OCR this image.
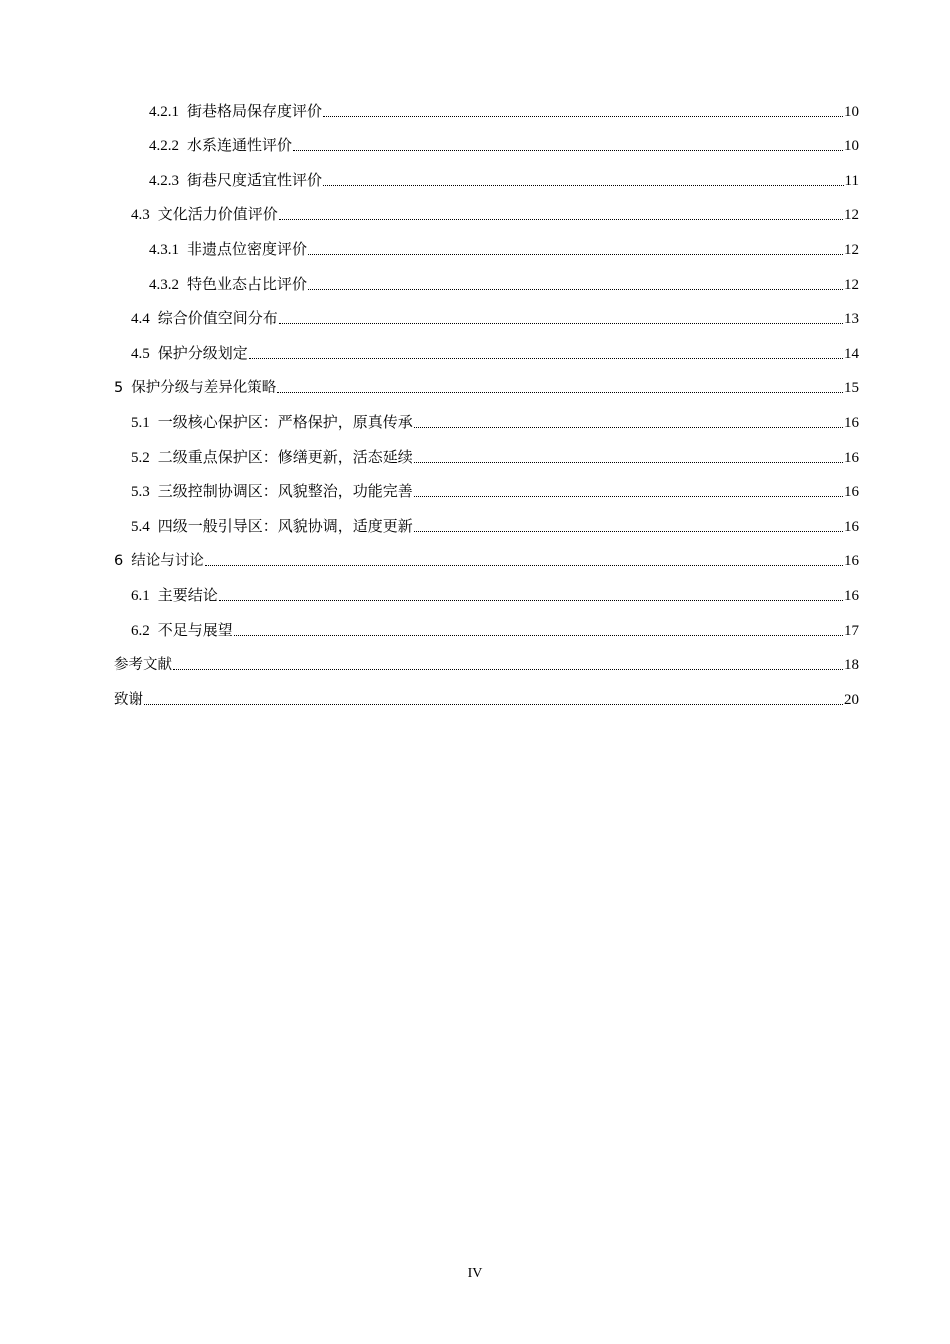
4.2.1 街巷格局保存度评价	10
4.2.2 水系连通性评价	10
4.2.3 街巷尺度适宜性评价	11
4.3 文化活力价值评价	12
4.3.1 非遗点位密度评价	12
4.3.2 特色业态占比评价	12
4.4 综合价值空间分布	13
4.5 保护分级划定	14
5 保护分级与差异化策略	15
5.1 一级核心保护区：严格保护，原真传承	16
5.2 二级重点保护区：修缮更新，活态延续	16
5.3 三级控制协调区：风貌整治，功能完善	16
5.4 四级一般引导区：风貌协调，适度更新	16
6 结论与讨论	16
6.1 主要结论	16
6.2 不足与展望	17
参考文献	18
致谢	20
IV
